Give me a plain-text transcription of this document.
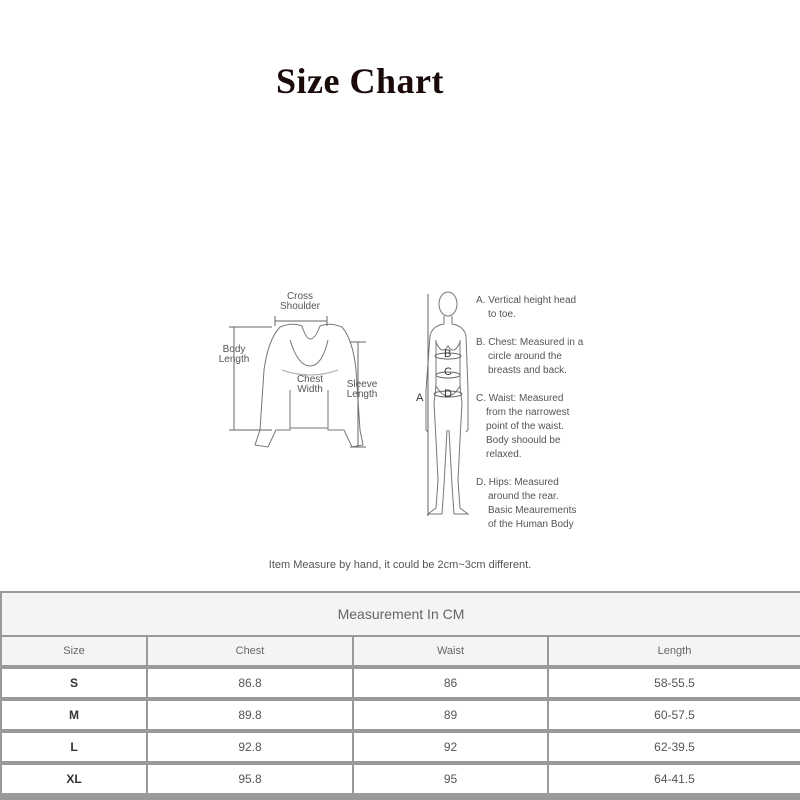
Size Chart
Cross
Shoulder
Body
Length
Chest
Width	Sleeve
Length	A
B
C
D
A. Vertical height head
to toe.
B. Chest: Measured in a
circle around the breasts and back.
C. Waist: Measured
from the narrowest point of the waist. Body shoould be relaxed.
D. Hips: Measured
around the rear. Basic Meaurements of the Human Body
Item Measure by hand, it could be 2cm~3cm different.
Measurement In CM
Size	Chest	Waist	Length
S	86.8	86	58-55.5
M	89.8	89	60-57.5
L	92.8	92	62-39.5
XL	95.8	95	64-41.5
